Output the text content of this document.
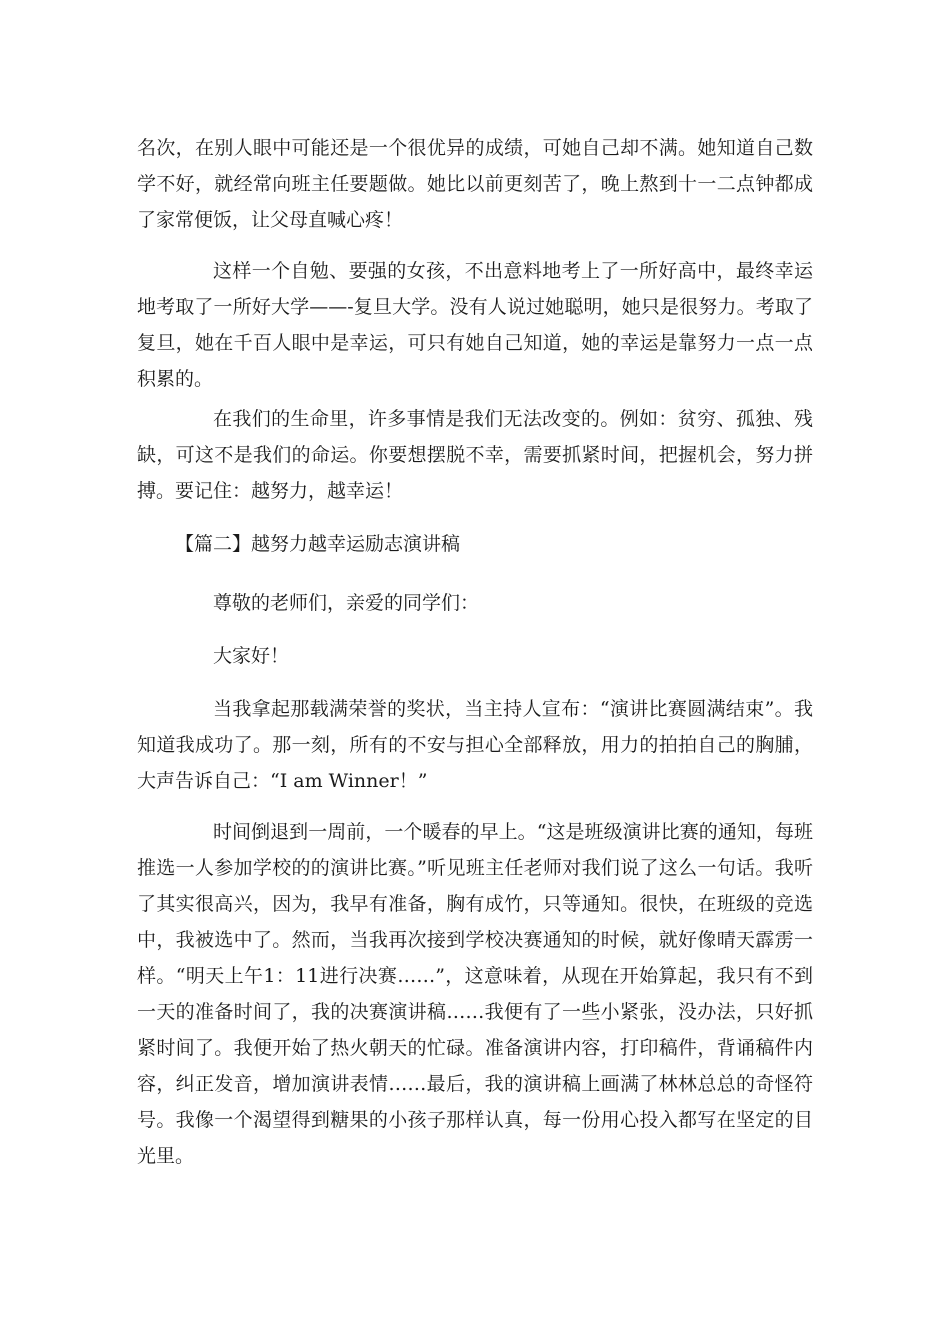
名次，在别人眼中可能还是一个很优异的成绩，可她自己却不满。她知道自己数学不好，就经常向班主任要题做。她比以前更刻苦了，晚上熬到十一二点钟都成了家常便饭，让父母直喊心疼！

这样一个自勉、要强的女孩，不出意料地考上了一所好高中，最终幸运地考取了一所好大学——-复旦大学。没有人说过她聪明，她只是很努力。考取了复旦，她在千百人眼中是幸运，可只有她自己知道，她的幸运是靠努力一点一点积累的。

在我们的生命里，许多事情是我们无法改变的。例如：贫穷、孤独、残缺，可这不是我们的命运。你要想摆脱不幸，需要抓紧时间，把握机会，努力拼搏。要记住：越努力，越幸运！

【篇二】越努力越幸运励志演讲稿

尊敬的老师们，亲爱的同学们：

大家好！

当我拿起那载满荣誉的奖状，当主持人宣布：“演讲比赛圆满结束”。我知道我成功了。那一刻，所有的不安与担心全部释放，用力的拍拍自己的胸脯，大声告诉自己：“I am Winner！”

时间倒退到一周前，一个暖春的早上。“这是班级演讲比赛的通知，每班推选一人参加学校的的演讲比赛。”听见班主任老师对我们说了这么一句话。我听了其实很高兴，因为，我早有准备，胸有成竹，只等通知。很快，在班级的竞选中，我被选中了。然而，当我再次接到学校决赛通知的时候，就好像晴天霹雳一样。“明天上午1：11进行决赛……”，这意味着，从现在开始算起，我只有不到一天的准备时间了，我的决赛演讲稿……我便有了一些小紧张，没办法，只好抓紧时间了。我便开始了热火朝天的忙碌。准备演讲内容，打印稿件，背诵稿件内容，纠正发音，增加演讲表情……最后，我的演讲稿上画满了林林总总的奇怪符号。我像一个渴望得到糖果的小孩子那样认真，每一份用心投入都写在坚定的目光里。
